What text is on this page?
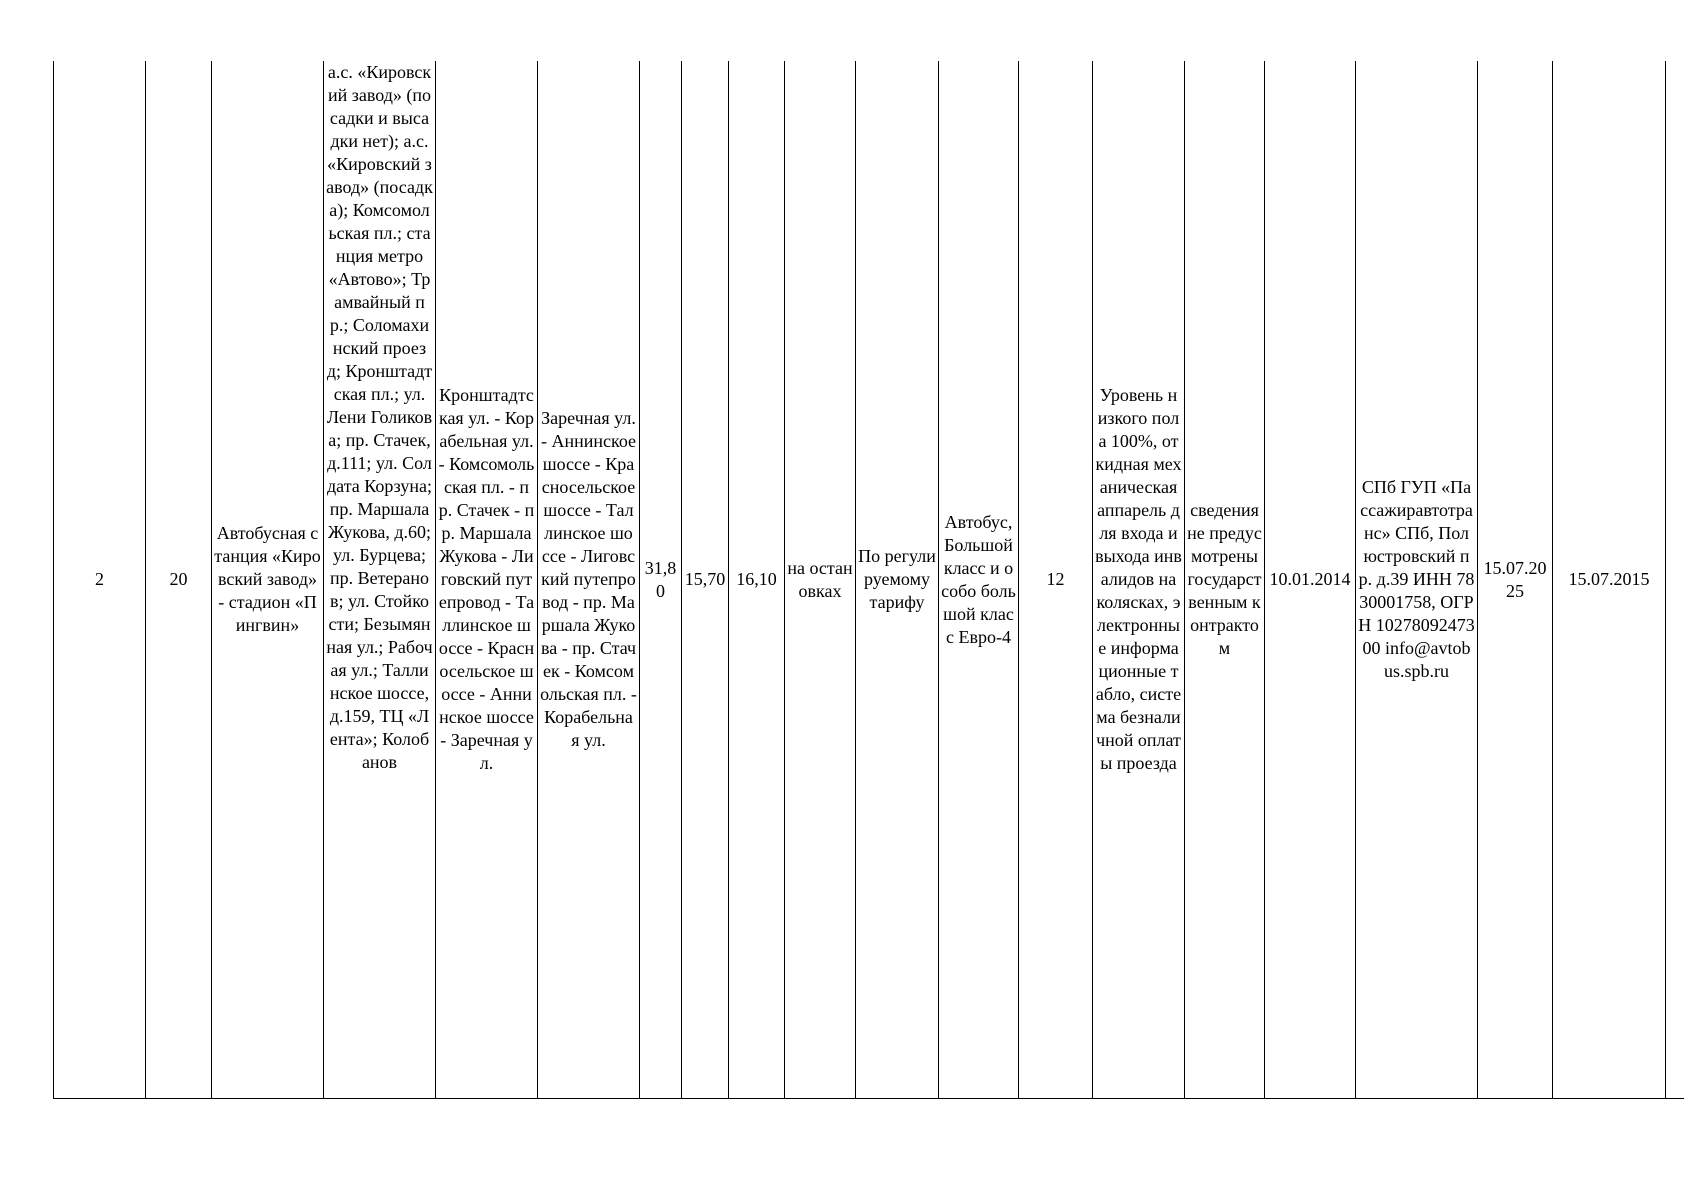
2	20	Автобусная станция «Кировский завод» - стадион «Пингвин»	а.с. «Кировский завод» (посадки и высадки нет); а.с. «Кировский завод» (посадка); Комсомольская пл.; станция метро «Автово»; Трамвайный пр.; Соломахинский проезд; Кронштадтская пл.; ул. Лени Голикова; пр. Стачек, д.111; ул. Солдата Корзуна; пр. Маршала Жукова, д.60; ул. Бурцева; пр. Ветеранов; ул. Стойкости; Безымянная ул.; Рабочая ул.; Таллинское шоссе, д.159, ТЦ «Лента»; Колобанов	Кронштадтская ул. - Корабельная ул. - Комсомольская пл. - пр. Стачек - пр. Маршала Жукова - Лиговский путепровод - Таллинское шоссе - Красносельское шоссе - Аннинское шоссе - Заречная ул.	Заречная ул. - Аннинское шоссе - Красносельское шоссе - Таллинское шоссе - Лиговский путепровод - пр. Маршала Жукова - пр. Стачек - Комсомольская пл. - Корабельная ул.	31,80	15,70	16,10	на остановках	По регулируемому тарифу	Автобус, Большой класс и особо большой класс Евро-4	12	Уровень низкого пола 100%, откидная механическая аппарель для входа и выхода инвалидов на колясках, электронные информационные табло, система безналичной оплаты проезда	сведения не предусмотрены государственным контрактом	10.01.2014	СПб ГУП «Пассажиравтотранс» СПб, Полюстровский пр. д.39 ИНН 7830001758, ОГРН 1027809247300 info@avtobus.spb.ru	15.07.2025	15.07.2015	
